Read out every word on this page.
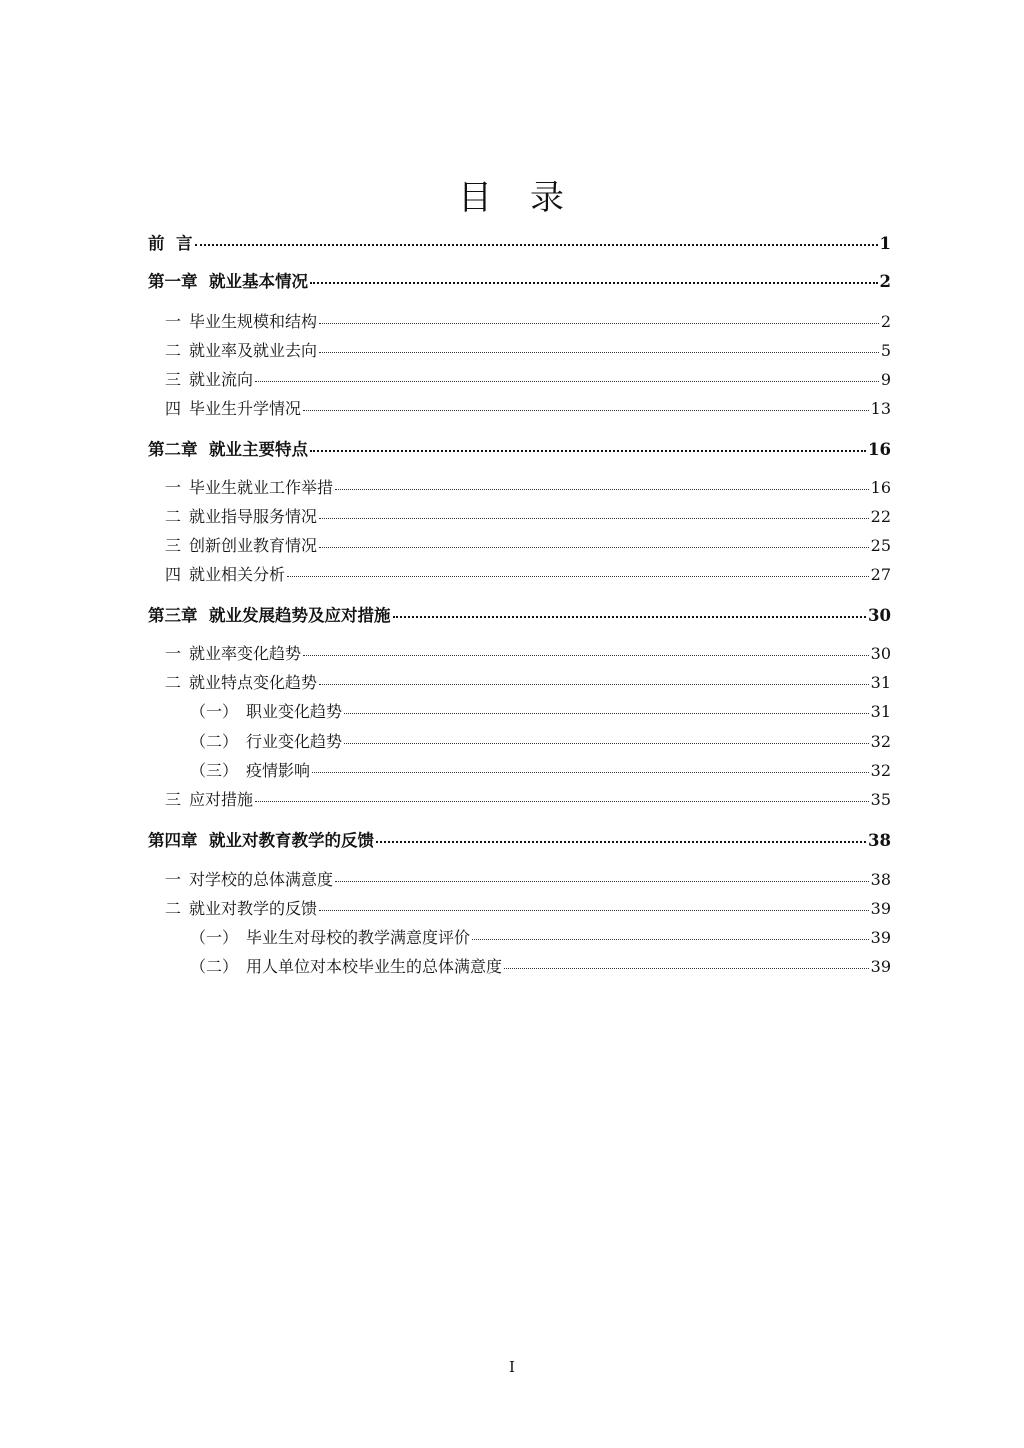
目 录
前  言	1
第一章  就业基本情况	2
一 毕业生规模和结构	2
二 就业率及就业去向	5
三 就业流向	9
四 毕业生升学情况	13
第二章  就业主要特点	16
一 毕业生就业工作举措	16
二 就业指导服务情况	22
三 创新创业教育情况	25
四 就业相关分析	27
第三章  就业发展趋势及应对措施	30
一 就业率变化趋势	30
二 就业特点变化趋势	31
（一） 职业变化趋势	31
（二） 行业变化趋势	32
（三） 疫情影响	32
三 应对措施	35
第四章  就业对教育教学的反馈	38
一 对学校的总体满意度	38
二 就业对教学的反馈	39
（一） 毕业生对母校的教学满意度评价	39
（二） 用人单位对本校毕业生的总体满意度	39
I
